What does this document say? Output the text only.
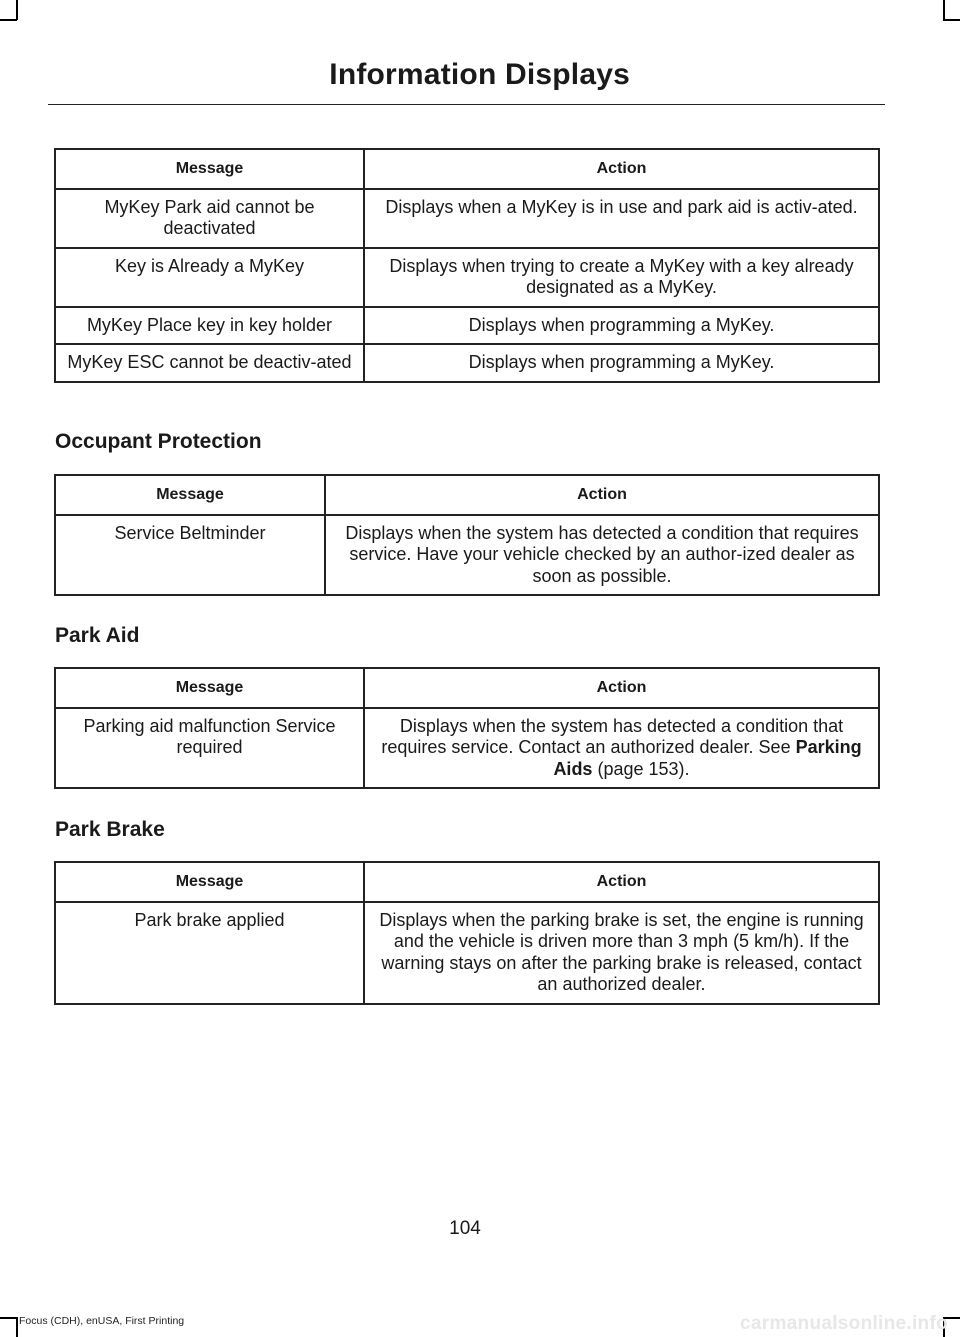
Information Displays
Message	Action
MyKey Park aid cannot be deactivated	Displays when a MyKey is in use and park aid is activ-ated.
Key is Already a MyKey	Displays when trying to create a MyKey with a key already designated as a MyKey.
MyKey Place key in key holder	Displays when programming a MyKey.
MyKey ESC cannot be deactiv-ated	Displays when programming a MyKey.
Occupant Protection
Message	Action
Service Beltminder	Displays when the system has detected a condition that requires service. Have your vehicle checked by an author-ized dealer as soon as possible.
Park Aid
Message	Action
Parking aid malfunction Service required	Displays when the system has detected a condition that requires service. Contact an authorized dealer. See Parking Aids (page 153).
Park Brake
Message	Action
Park brake applied	Displays when the parking brake is set, the engine is running and the vehicle is driven more than 3 mph (5 km/h). If the warning stays on after the parking brake is released, contact an authorized dealer.
104
Focus (CDH), enUSA, First Printing	carmanualsonline.info
